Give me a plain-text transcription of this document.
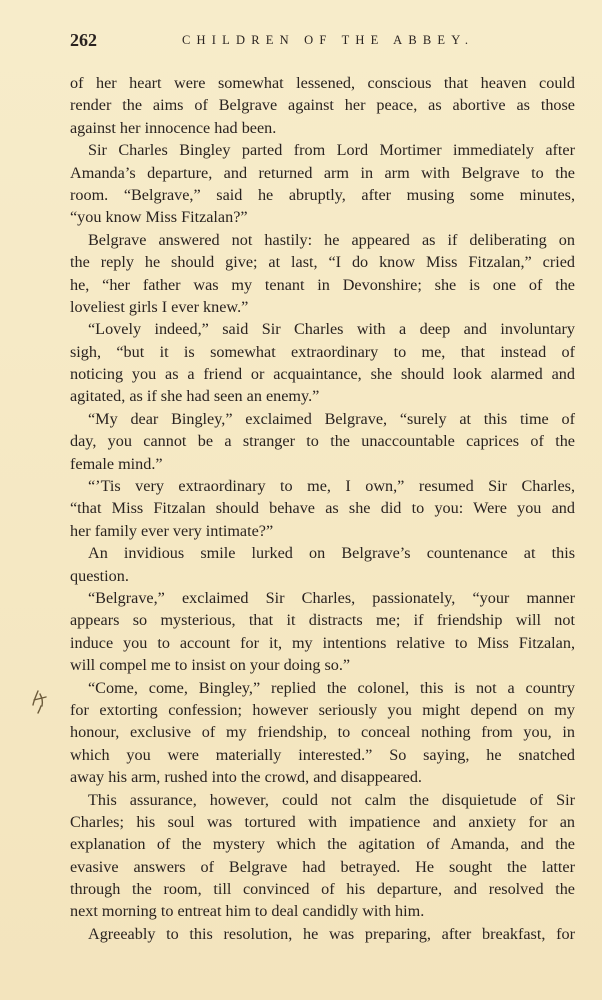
262	CHILDREN OF THE ABBEY.
of her heart were somewhat lessened, conscious that heaven could
render the aims of Belgrave against her peace, as abortive as those
against her innocence had been.
Sir Charles Bingley parted from Lord Mortimer immediately after
Amanda’s departure, and returned arm in arm with Belgrave to the
room. “Belgrave,” said he abruptly, after musing some minutes,
“you know Miss Fitzalan?”
Belgrave answered not hastily: he appeared as if deliberating on
the reply he should give; at last, “I do know Miss Fitzalan,” cried
he, “her father was my tenant in Devonshire; she is one of the
loveliest girls I ever knew.”
“Lovely indeed,” said Sir Charles with a deep and involuntary
sigh, “but it is somewhat extraordinary to me, that instead of
noticing you as a friend or acquaintance, she should look alarmed and
agitated, as if she had seen an enemy.”
“My dear Bingley,” exclaimed Belgrave, “surely at this time of
day, you cannot be a stranger to the unaccountable caprices of the
female mind.”
“’Tis very extraordinary to me, I own,” resumed Sir Charles,
“that Miss Fitzalan should behave as she did to you: Were you and
her family ever very intimate?”
An invidious smile lurked on Belgrave’s countenance at this
question.
“Belgrave,” exclaimed Sir Charles, passionately, “your manner
appears so mysterious, that it distracts me; if friendship will not
induce you to account for it, my intentions relative to Miss Fitzalan,
will compel me to insist on your doing so.”
“Come, come, Bingley,” replied the colonel, this is not a country
for extorting confession; however seriously you might depend on my
honour, exclusive of my friendship, to conceal nothing from you, in
which you were materially interested.” So saying, he snatched
away his arm, rushed into the crowd, and disappeared.
This assurance, however, could not calm the disquietude of Sir
Charles; his soul was tortured with impatience and anxiety for an
explanation of the mystery which the agitation of Amanda, and the
evasive answers of Belgrave had betrayed. He sought the latter
through the room, till convinced of his departure, and resolved the
next morning to entreat him to deal candidly with him.
Agreeably to this resolution, he was preparing, after breakfast, for
